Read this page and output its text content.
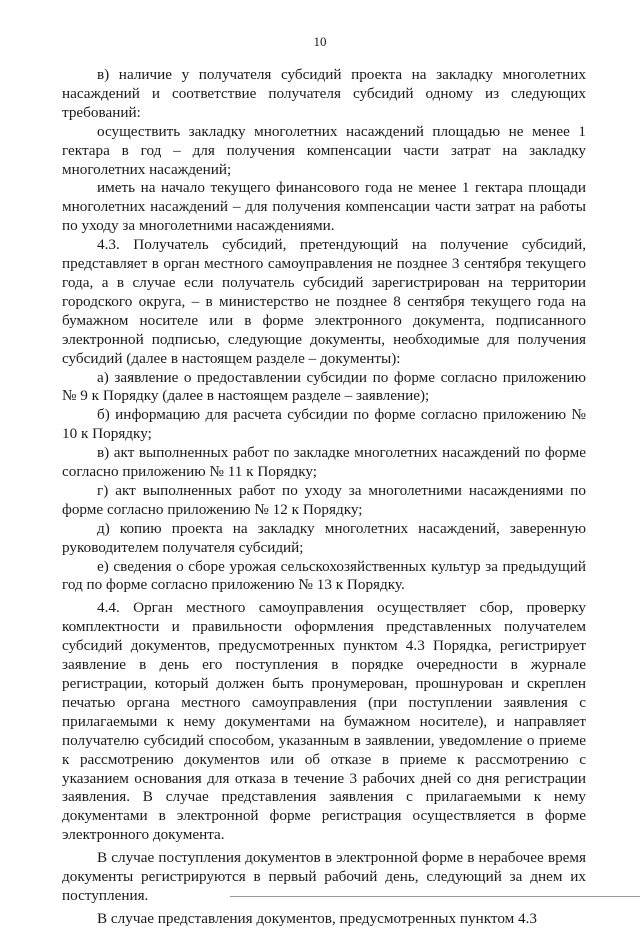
10

в) наличие у получателя субсидий проекта на закладку многолетних насаждений и соответствие получателя субсидий одному из следующих требований:

осуществить закладку многолетних насаждений площадью не менее 1 гектара в год – для получения компенсации части затрат на закладку многолетних насаждений;

иметь на начало текущего финансового года не менее 1 гектара площади многолетних насаждений – для получения компенсации части затрат на работы по уходу за многолетними насаждениями.

4.3. Получатель субсидий, претендующий на получение субсидий, представляет в орган местного самоуправления не позднее 3 сентября текущего года, а в случае если получатель субсидий зарегистрирован на территории городского округа, – в министерство не позднее 8 сентября текущего года на бумажном носителе или в форме электронного документа, подписанного электронной подписью, следующие документы, необходимые для получения субсидий (далее в настоящем разделе – документы):

а) заявление о предоставлении субсидии по форме согласно приложению № 9 к Порядку (далее в настоящем разделе – заявление);

б) информацию для расчета субсидии по форме согласно приложению № 10 к Порядку;

в) акт выполненных работ по закладке многолетних насаждений по форме согласно приложению № 11 к Порядку;

г) акт выполненных работ по уходу за многолетними насаждениями по форме согласно приложению № 12 к Порядку;

д) копию проекта на закладку многолетних насаждений, заверенную руководителем получателя субсидий;

е) сведения о сборе урожая сельскохозяйственных культур за предыдущий год по форме согласно приложению № 13 к Порядку.

4.4. Орган местного самоуправления осуществляет сбор, проверку комплектности и правильности оформления представленных получателем субсидий документов, предусмотренных пунктом 4.3 Порядка, регистрирует заявление в день его поступления в порядке очередности в журнале регистрации, который должен быть пронумерован, прошнурован и скреплен печатью органа местного самоуправления (при поступлении заявления с прилагаемыми к нему документами на бумажном носителе), и направляет получателю субсидий способом, указанным в заявлении, уведомление о приеме к рассмотрению документов или об отказе в приеме к рассмотрению с указанием основания для отказа в течение 3 рабочих дней со дня регистрации заявления. В случае представления заявления с прилагаемыми к нему документами в электронной форме регистрация осуществляется в форме электронного документа.

В случае поступления документов в электронной форме в нерабочее время документы регистрируются в первый рабочий день, следующий за днем их поступления.

В случае представления документов, предусмотренных пунктом 4.3
